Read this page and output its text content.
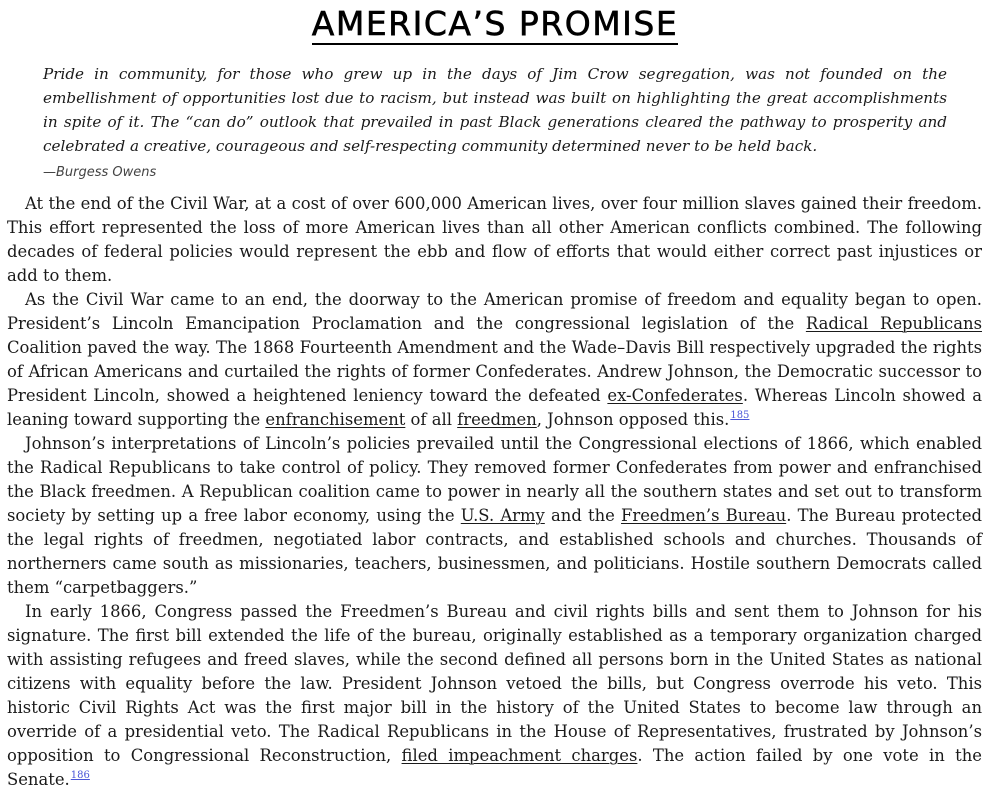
AMERICA’S PROMISE

Pride in community, for those who grew up in the days of Jim Crow segregation, was not founded on the embellishment of opportunities lost due to racism, but instead was built on highlighting the great accomplishments in spite of it. The “can do” outlook that prevailed in past Black generations cleared the pathway to prosperity and celebrated a creative, courageous and self-respecting community determined never to be held back.

—Burgess Owens

At the end of the Civil War, at a cost of over 600,000 American lives, over four million slaves gained their freedom. This effort represented the loss of more American lives than all other American conflicts combined. The following decades of federal policies would represent the ebb and flow of efforts that would either correct past injustices or add to them.

As the Civil War came to an end, the doorway to the American promise of freedom and equality began to open. President’s Lincoln Emancipation Proclamation and the congressional legislation of the Radical Republicans Coalition paved the way. The 1868 Fourteenth Amendment and the Wade–Davis Bill respectively upgraded the rights of African Americans and curtailed the rights of former Confederates. Andrew Johnson, the Democratic successor to President Lincoln, showed a heightened leniency toward the defeated ex-Confederates. Whereas Lincoln showed a leaning toward supporting the enfranchisement of all freedmen, Johnson opposed this.$^{185}$

Johnson’s interpretations of Lincoln’s policies prevailed until the Congressional elections of 1866, which enabled the Radical Republicans to take control of policy. They removed former Confederates from power and enfranchised the Black freedmen. A Republican coalition came to power in nearly all the southern states and set out to transform society by setting up a free labor economy, using the U.S. Army and the Freedmen’s Bureau. The Bureau protected the legal rights of freedmen, negotiated labor contracts, and established schools and churches. Thousands of northerners came south as missionaries, teachers, businessmen, and politicians. Hostile southern Democrats called them “carpetbaggers.”

In early 1866, Congress passed the Freedmen’s Bureau and civil rights bills and sent them to Johnson for his signature. The first bill extended the life of the bureau, originally established as a temporary organization charged with assisting refugees and freed slaves, while the second defined all persons born in the United States as national citizens with equality before the law. President Johnson vetoed the bills, but Congress overrode his veto. This historic Civil Rights Act was the first major bill in the history of the United States to become law through an override of a presidential veto. The Radical Republicans in the House of Representatives, frustrated by Johnson’s opposition to Congressional Reconstruction, filed impeachment charges. The action failed by one vote in the Senate.$^{186}$
